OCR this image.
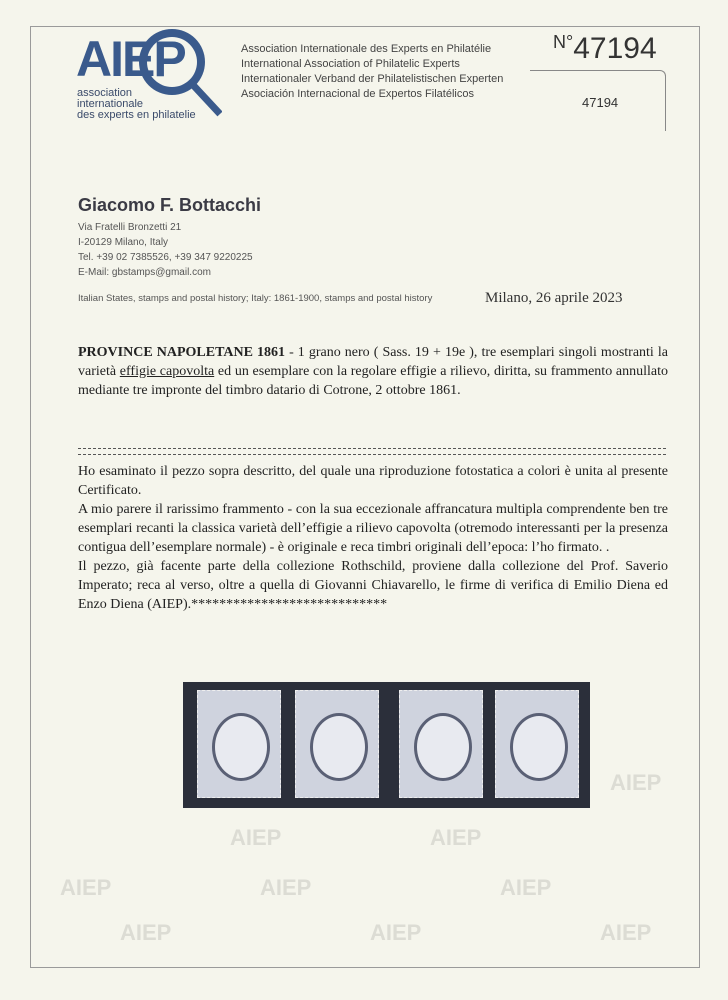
AIEP
association
internationale
des experts en philatelie
Association Internationale des Experts en Philatélie
International Association of Philatelic Experts
Internationaler Verband der Philatelistischen Experten
Asociación Internacional de Expertos Filatélicos
$^{N^\circ}$47194
47194
Giacomo F. Bottacchi
Via Fratelli Bronzetti 21
I-20129 Milano, Italy
Tel. +39 02 7385526, +39 347 9220225
E-Mail: gbstamps@gmail.com
Italian States, stamps and postal history; Italy: 1861-1900, stamps and postal history	Milano, 26 aprile 2023
PROVINCE NAPOLETANE 1861 - 1 grano nero ( Sass. 19 + 19e ), tre esemplari singoli mostranti la varietà effigie capovolta ed un esemplare con la regolare effigie a rilievo, diritta, su frammento annullato mediante tre impronte del timbro datario di Cotrone, 2 ottobre 1861.
Ho esaminato il pezzo sopra descritto, del quale una riproduzione fotostatica a colori è unita al presente Certificato.
A mio parere il rarissimo frammento - con la sua eccezionale affrancatura multipla comprendente ben tre esemplari recanti la classica varietà dell’effigie a rilievo capovolta (otremodo interessanti per la presenza contigua dell’esemplare normale) - è originale e reca timbri originali dell’epoca: l’ho firmato. .
Il pezzo, già facente parte della collezione Rothschild, proviene dalla collezione del Prof. Saverio Imperato; reca al verso, oltre a quella di Giovanni Chiavarello, le firme di verifica di Emilio Diena ed Enzo Diena (AIEP).****************************
AIEP
AIEP
AIEP
AIEP	AIEP	AIEP
AIEP	AIEP	AIEP
